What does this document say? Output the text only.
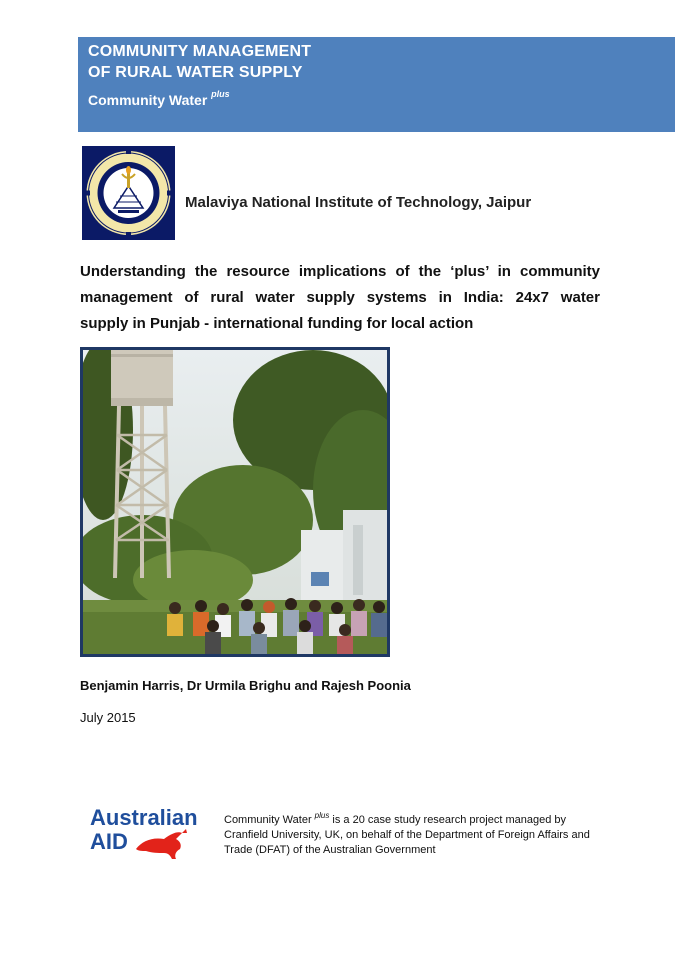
COMMUNITY MANAGEMENT
OF RURAL WATER SUPPLY
Community Water $^{plus}$
Malaviya National Institute of Technology, Jaipur
Understanding the resource implications of the ‘plus’ in community
management of rural water supply systems in India: 24x7 water
supply in Punjab - international funding for local action
Benjamin Harris, Dr Urmila Brighu and Rajesh Poonia
July 2015
Australian
AID
Community Water $^{plus}$ is a 20 case study research project managed by Cranfield University, UK, on behalf of the Department of Foreign Affairs and Trade (DFAT) of the Australian Government
